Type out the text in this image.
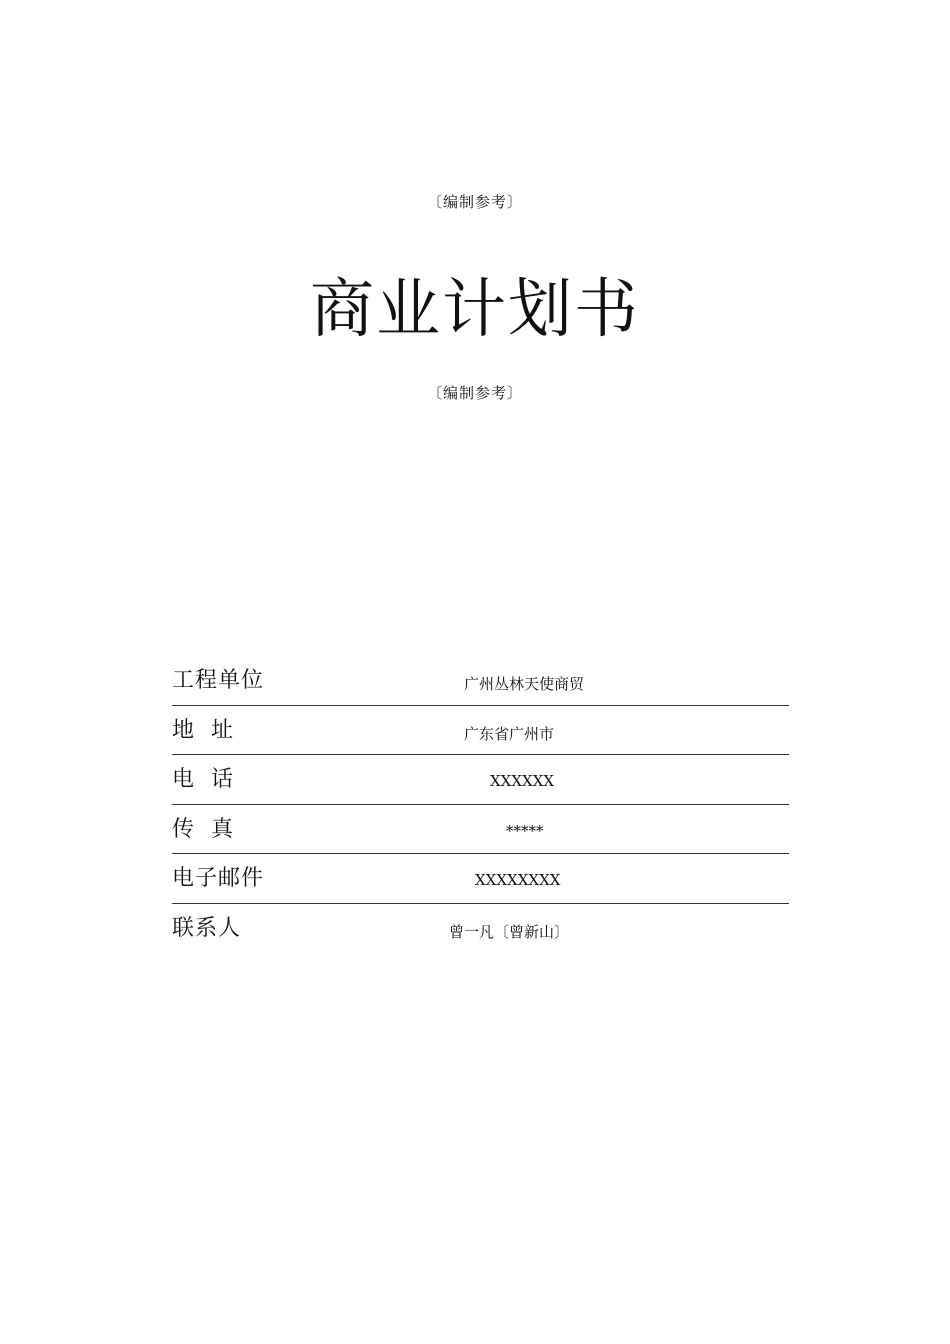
〔编制参考〕
商业计划书
〔编制参考〕
工程单位	广州丛林天使商贸
地  址	广东省广州市
电  话	XXXXXX
传  真	*****
电子邮件	XXXXXXXX
联系人	曾一凡〔曾新山〕
